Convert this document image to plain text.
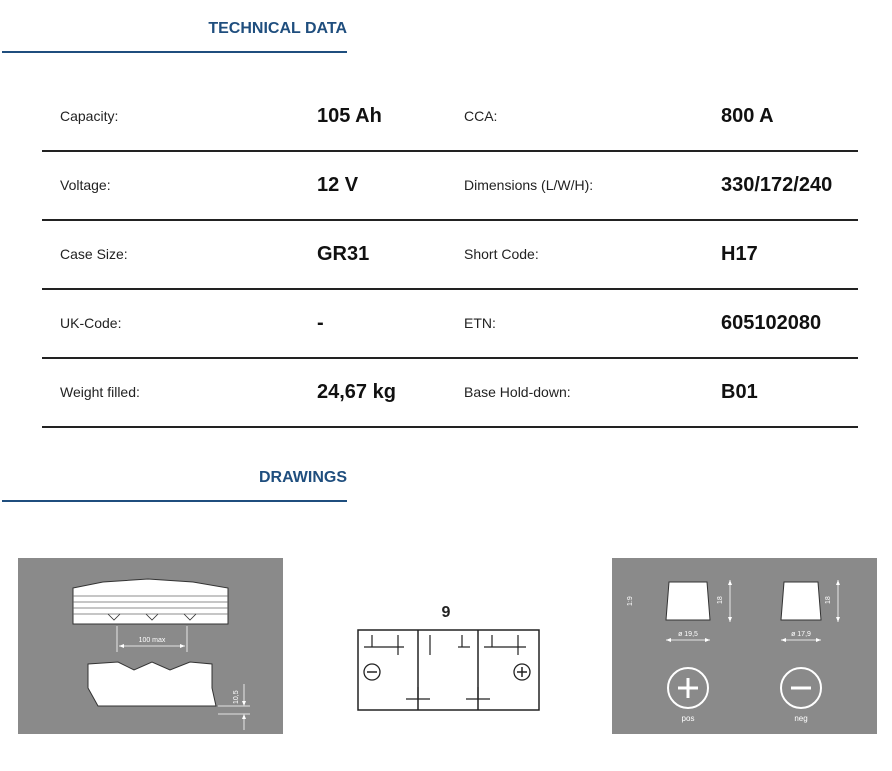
TECHNICAL DATA
Capacity:	105 Ah	CCA:	800 A
Voltage:	12 V	Dimensions (L/W/H):	330/172/240
Case Size:	GR31	Short Code:	H17
UK-Code:	-	ETN:	605102080
Weight filled:	24,67 kg	Base Hold-down:	B01
DRAWINGS
100 max
10,5
9
1:9	18
ø 19,5
pos
18
ø 17,9
neg
